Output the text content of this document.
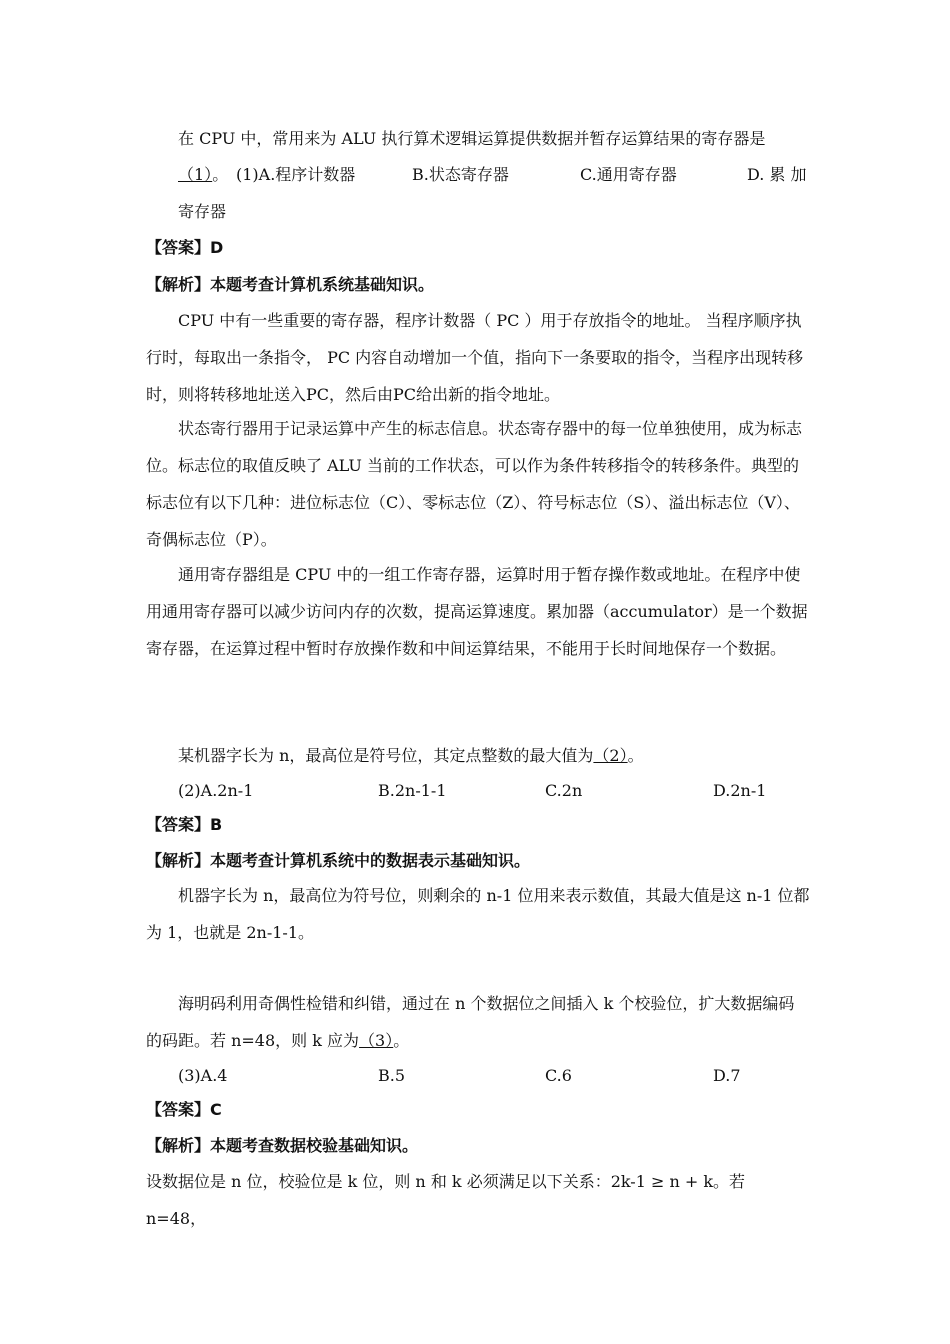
在 CPU 中，常用来为 ALU 执行算术逻辑运算提供数据并暂存运算结果的寄存器是

（1）。 (1)A.程序计数器	B.状态寄存器	C.通用寄存器	D. 累 加
寄存器

【答案】D

【解析】本题考查计算机系统基础知识。

CPU 中有一些重要的寄存器，程序计数器（ PC ）用于存放指令的地址。 当程序顺序执行时，每取出一条指令， PC 内容自动增加一个值，指向下一条要取的指令，当程序出现转移时，则将转移地址送入PC，然后由PC给出新的指令地址。

状态寄行器用于记录运算中产生的标志信息。状态寄存器中的每一位单独使用，成为标志位。标志位的取值反映了 ALU 当前的工作状态，可以作为条件转移指令的转移条件。典型的标志位有以下几种：进位标志位（C）、零标志位（Z）、符号标志位（S）、溢出标志位（V）、奇偶标志位（P）。

通用寄存器组是 CPU 中的一组工作寄存器，运算时用于暂存操作数或地址。在程序中使用通用寄存器可以减少访问内存的次数，提高运算速度。累加器（accumulator）是一个数据寄存器，在运算过程中暂时存放操作数和中间运算结果，不能用于长时间地保存一个数据。

某机器字长为 n，最高位是符号位，其定点整数的最大值为（2）。

(2)A.2n-1	B.2n-1-1	C.2n	D.2n-1

【答案】B

【解析】本题考查计算机系统中的数据表示基础知识。

机器字长为 n，最高位为符号位，则剩余的 n-1 位用来表示数值，其最大值是这 n-1 位都为 1，也就是 2n-1-1。

海明码利用奇偶性检错和纠错，通过在 n 个数据位之间插入 k 个校验位，扩大数据编码的码距。若 n=48，则 k 应为（3）。

(3)A.4	B.5	C.6	D.7

【答案】C

【解析】本题考查数据校验基础知识。

设数据位是 n 位，校验位是 k 位，则 n 和 k 必须满足以下关系：2k-1 ≥ n + k。若 n=48，
